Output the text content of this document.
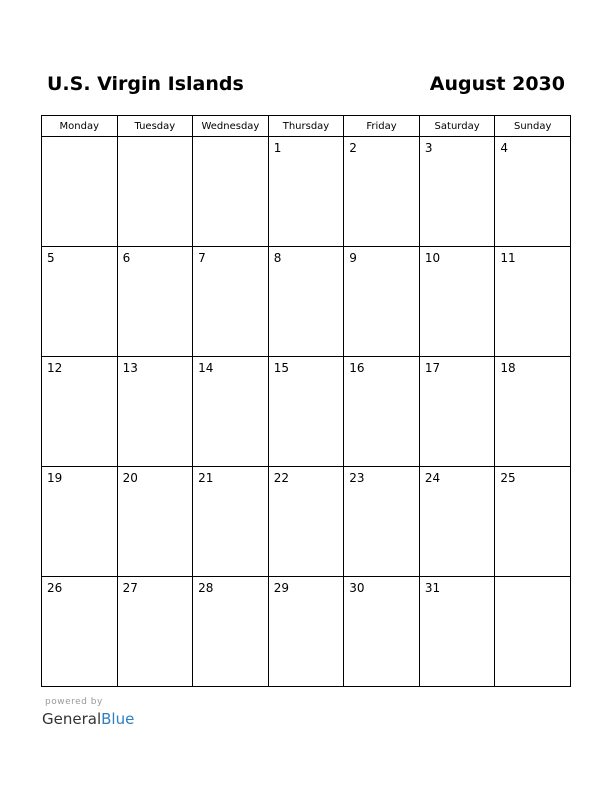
U.S. Virgin Islands	August 2030
Monday	Tuesday	Wednesday	Thursday	Friday	Saturday	Sunday

			1	2	3	4

5	6	7	8	9	10	11

12	13	14	15	16	17	18

19	20	21	22	23	24	25

26	27	28	29	30	31	

powered by
GeneralBlue
